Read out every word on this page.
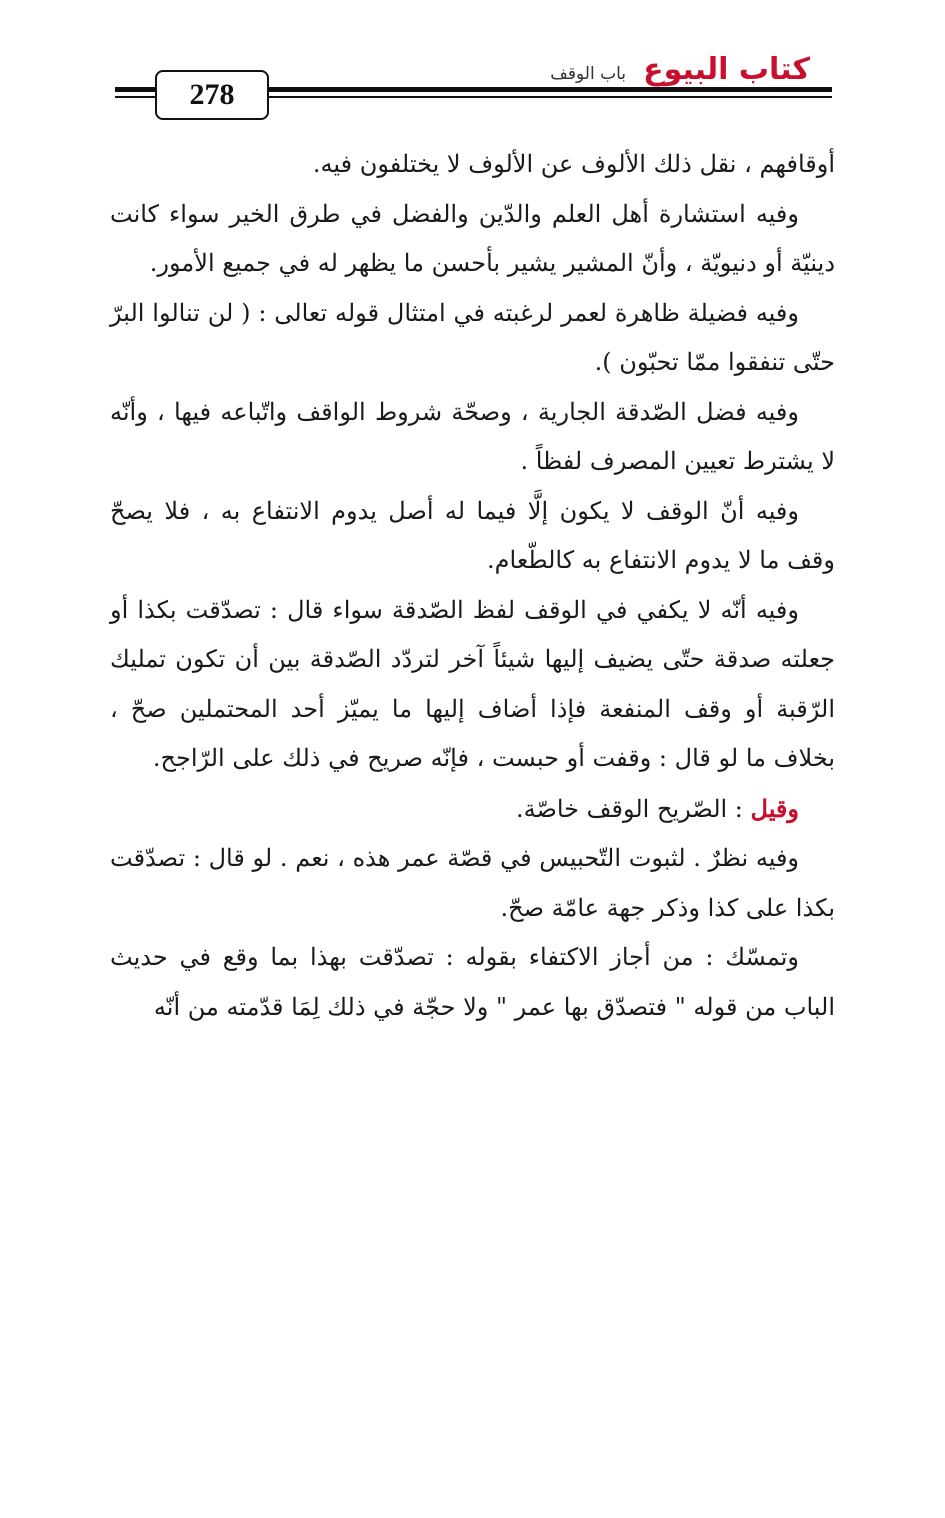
كتاب البيوع باب الوقف
278

أوقافهم ، نقل ذلك الألوف عن الألوف لا يختلفون فيه.

وفيه استشارة أهل العلم والدّين والفضل في طرق الخير سواء كانت دينيّة أو دنيويّة ، وأنّ المشير يشير بأحسن ما يظهر له في جميع الأمور.

وفيه فضيلة ظاهرة لعمر لرغبته في امتثال قوله تعالى : ( لن تنالوا البرّ حتّى تنفقوا ممّا تحبّون ).

وفيه فضل الصّدقة الجارية ، وصحّة شروط الواقف واتّباعه فيها ، وأنّه لا يشترط تعيين المصرف لفظاً .

وفيه أنّ الوقف لا يكون إلَّا فيما له أصل يدوم الانتفاع به ، فلا يصحّ وقف ما لا يدوم الانتفاع به كالطّعام.

وفيه أنّه لا يكفي في الوقف لفظ الصّدقة سواء قال : تصدّقت بكذا أو جعلته صدقة حتّى يضيف إليها شيئاً آخر لتردّد الصّدقة بين أن تكون تمليك الرّقبة أو وقف المنفعة فإذا أضاف إليها ما يميّز أحد المحتملين صحّ ، بخلاف ما لو قال : وقفت أو حبست ، فإنّه صريح في ذلك على الرّاجح.

وقيل : الصّريح الوقف خاصّة.

وفيه نظرٌ . لثبوت التّحبيس في قصّة عمر هذه ، نعم . لو قال : تصدّقت بكذا على كذا وذكر جهة عامّة صحّ.

وتمسّك : من أجاز الاكتفاء بقوله : تصدّقت بهذا بما وقع في حديث الباب من قوله " فتصدّق بها عمر " ولا حجّة في ذلك لِمَا قدّمته من أنّه
